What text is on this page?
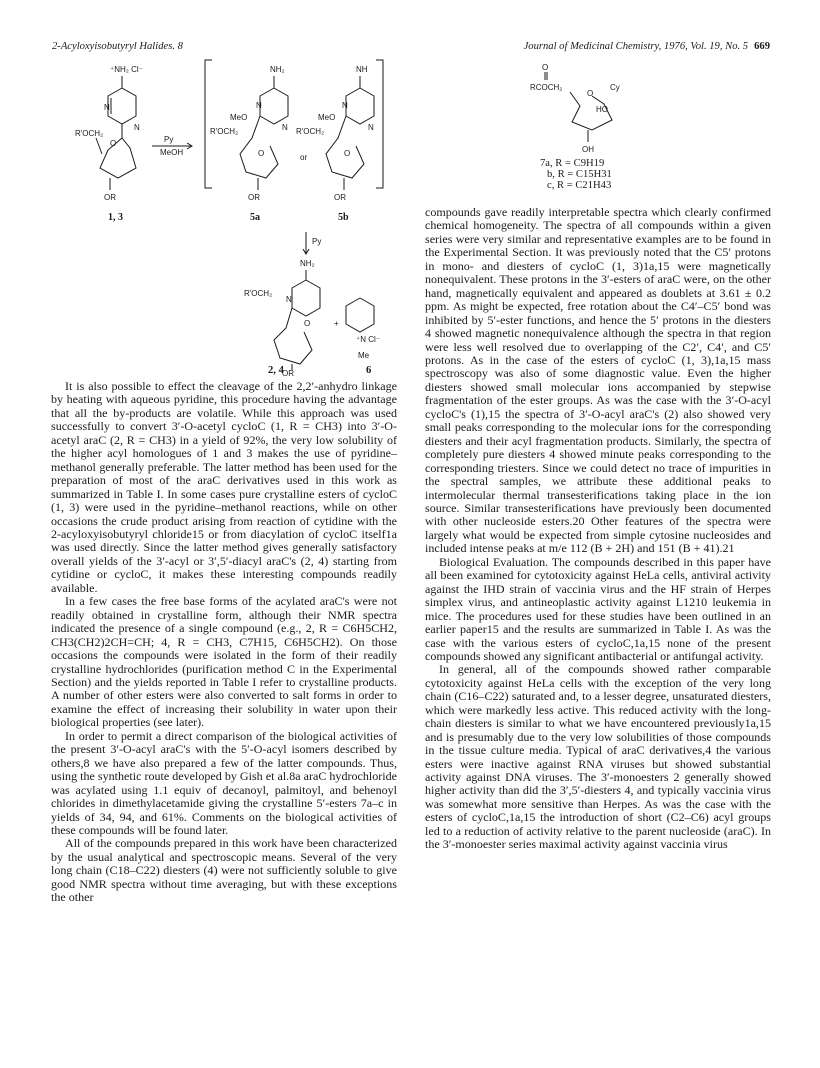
2-Acyloxyisobutyryl Halides. 8	Journal of Medicinal Chemistry, 1976, Vol. 19, No. 5 669
⁺NH₂ Cl⁻
N
N
O
R'OCH₂
OR
1, 3
Py
MeOH
NH₂
N
MeO
R'OCH₂	N
O
OR
5a
or
NH
N
MeO
R'OCH₂	N
O
OR
5b
Py
NH₂
N
O
R'OCH₂
OR
+
⁺N Cl⁻
Me
2, 4	6
O
RCOCH₂
O
Cy
HO
OH
7a, R = C9H19
b, R = C15H31
c, R = C21H43

It is also possible to effect the cleavage of the 2,2′-anhydro linkage by heating with aqueous pyridine, this procedure having the advantage that all the by-products are volatile. While this approach was used successfully to convert 3′-O-acetyl cycloC (1, R = CH3) into 3′-O-acetyl araC (2, R = CH3) in a yield of 92%, the very low solubility of the higher acyl homologues of 1 and 3 makes the use of pyridine–methanol generally preferable. The latter method has been used for the preparation of most of the araC derivatives used in this work as summarized in Table I. In some cases pure crystalline esters of cycloC (1, 3) were used in the pyridine–methanol reactions, while on other occasions the crude product arising from reaction of cytidine with the 2-acyloxyisobutyryl chloride15 or from diacylation of cycloC itself1a was used directly. Since the latter method gives generally satisfactory overall yields of the 3′-acyl or 3′,5′-diacyl araC's (2, 4) starting from cytidine or cycloC, it makes these interesting compounds readily available.

In a few cases the free base forms of the acylated araC's were not readily obtained in crystalline form, although their NMR spectra indicated the presence of a single compound (e.g., 2, R = C6H5CH2, CH3(CH2)2CH=CH; 4, R = CH3, C7H15, C6H5CH2). On those occasions the compounds were isolated in the form of their readily crystalline hydrochlorides (purification method C in the Experimental Section) and the yields reported in Table I refer to crystalline products. A number of other esters were also converted to salt forms in order to examine the effect of increasing their solubility in water upon their biological properties (see later).

In order to permit a direct comparison of the biological activities of the present 3′-O-acyl araC's with the 5′-O-acyl isomers described by others,8 we have also prepared a few of the latter compounds. Thus, using the synthetic route developed by Gish et al.8a araC hydrochloride was acylated using 1.1 equiv of decanoyl, palmitoyl, and behenoyl chlorides in dimethylacetamide giving the crystalline 5′-esters 7a–c in yields of 34, 94, and 61%. Comments on the biological activities of these compounds will be found later.

All of the compounds prepared in this work have been characterized by the usual analytical and spectroscopic means. Several of the very long chain (C18–C22) diesters (4) were not sufficiently soluble to give good NMR spectra without time averaging, but with these exceptions the other

compounds gave readily interpretable spectra which clearly confirmed chemical homogeneity. The spectra of all compounds within a given series were very similar and representative examples are to be found in the Experimental Section. It was previously noted that the C5′ protons in mono- and diesters of cycloC (1, 3)1a,15 were magnetically nonequivalent. These protons in the 3′-esters of araC were, on the other hand, magnetically equivalent and appeared as doublets at 3.61 ± 0.2 ppm. As might be expected, free rotation about the C4′–C5′ bond was inhibited by 5′-ester functions, and hence the 5′ protons in the diesters 4 showed magnetic nonequivalence although the spectra in that region were less well resolved due to overlapping of the C2′, C4′, and C5′ protons. As in the case of the esters of cycloC (1, 3),1a,15 mass spectroscopy was also of some diagnostic value. Even the higher diesters showed small molecular ions accompanied by stepwise fragmentation of the ester groups. As was the case with the 3′-O-acyl cycloC's (1),15 the spectra of 3′-O-acyl araC's (2) also showed very small peaks corresponding to the molecular ions for the corresponding diesters and their acyl fragmentation products. Similarly, the spectra of completely pure diesters 4 showed minute peaks corresponding to the corresponding triesters. Since we could detect no trace of impurities in the spectral samples, we attribute these additional peaks to intermolecular thermal transesterifications taking place in the ion source. Similar transesterifications have previously been documented with other nucleoside esters.20 Other features of the spectra were largely what would be expected from simple cytosine nucleosides and included intense peaks at m/e 112 (B + 2H) and 151 (B + 41).21

Biological Evaluation. The compounds described in this paper have all been examined for cytotoxicity against HeLa cells, antiviral activity against the IHD strain of vaccinia virus and the HF strain of Herpes simplex virus, and antineoplastic activity against L1210 leukemia in mice. The procedures used for these studies have been outlined in an earlier paper15 and the results are summarized in Table I. As was the case with the various esters of cycloC,1a,15 none of the present compounds showed any significant antibacterial or antifungal activity.

In general, all of the compounds showed rather comparable cytotoxicity against HeLa cells with the exception of the very long chain (C16–C22) saturated and, to a lesser degree, unsaturated diesters, which were markedly less active. This reduced activity with the long-chain diesters is similar to what we have encountered previously1a,15 and is presumably due to the very low solubilities of those compounds in the tissue culture media. Typical of araC derivatives,4 the various esters were inactive against RNA viruses but showed substantial activity against DNA viruses. The 3′-monoesters 2 generally showed higher activity than did the 3′,5′-diesters 4, and typically vaccinia virus was somewhat more sensitive than Herpes. As was the case with the esters of cycloC,1a,15 the introduction of short (C2–C6) acyl groups led to a reduction of activity relative to the parent nucleoside (araC). In the 3′-monoester series maximal activity against vaccinia virus
